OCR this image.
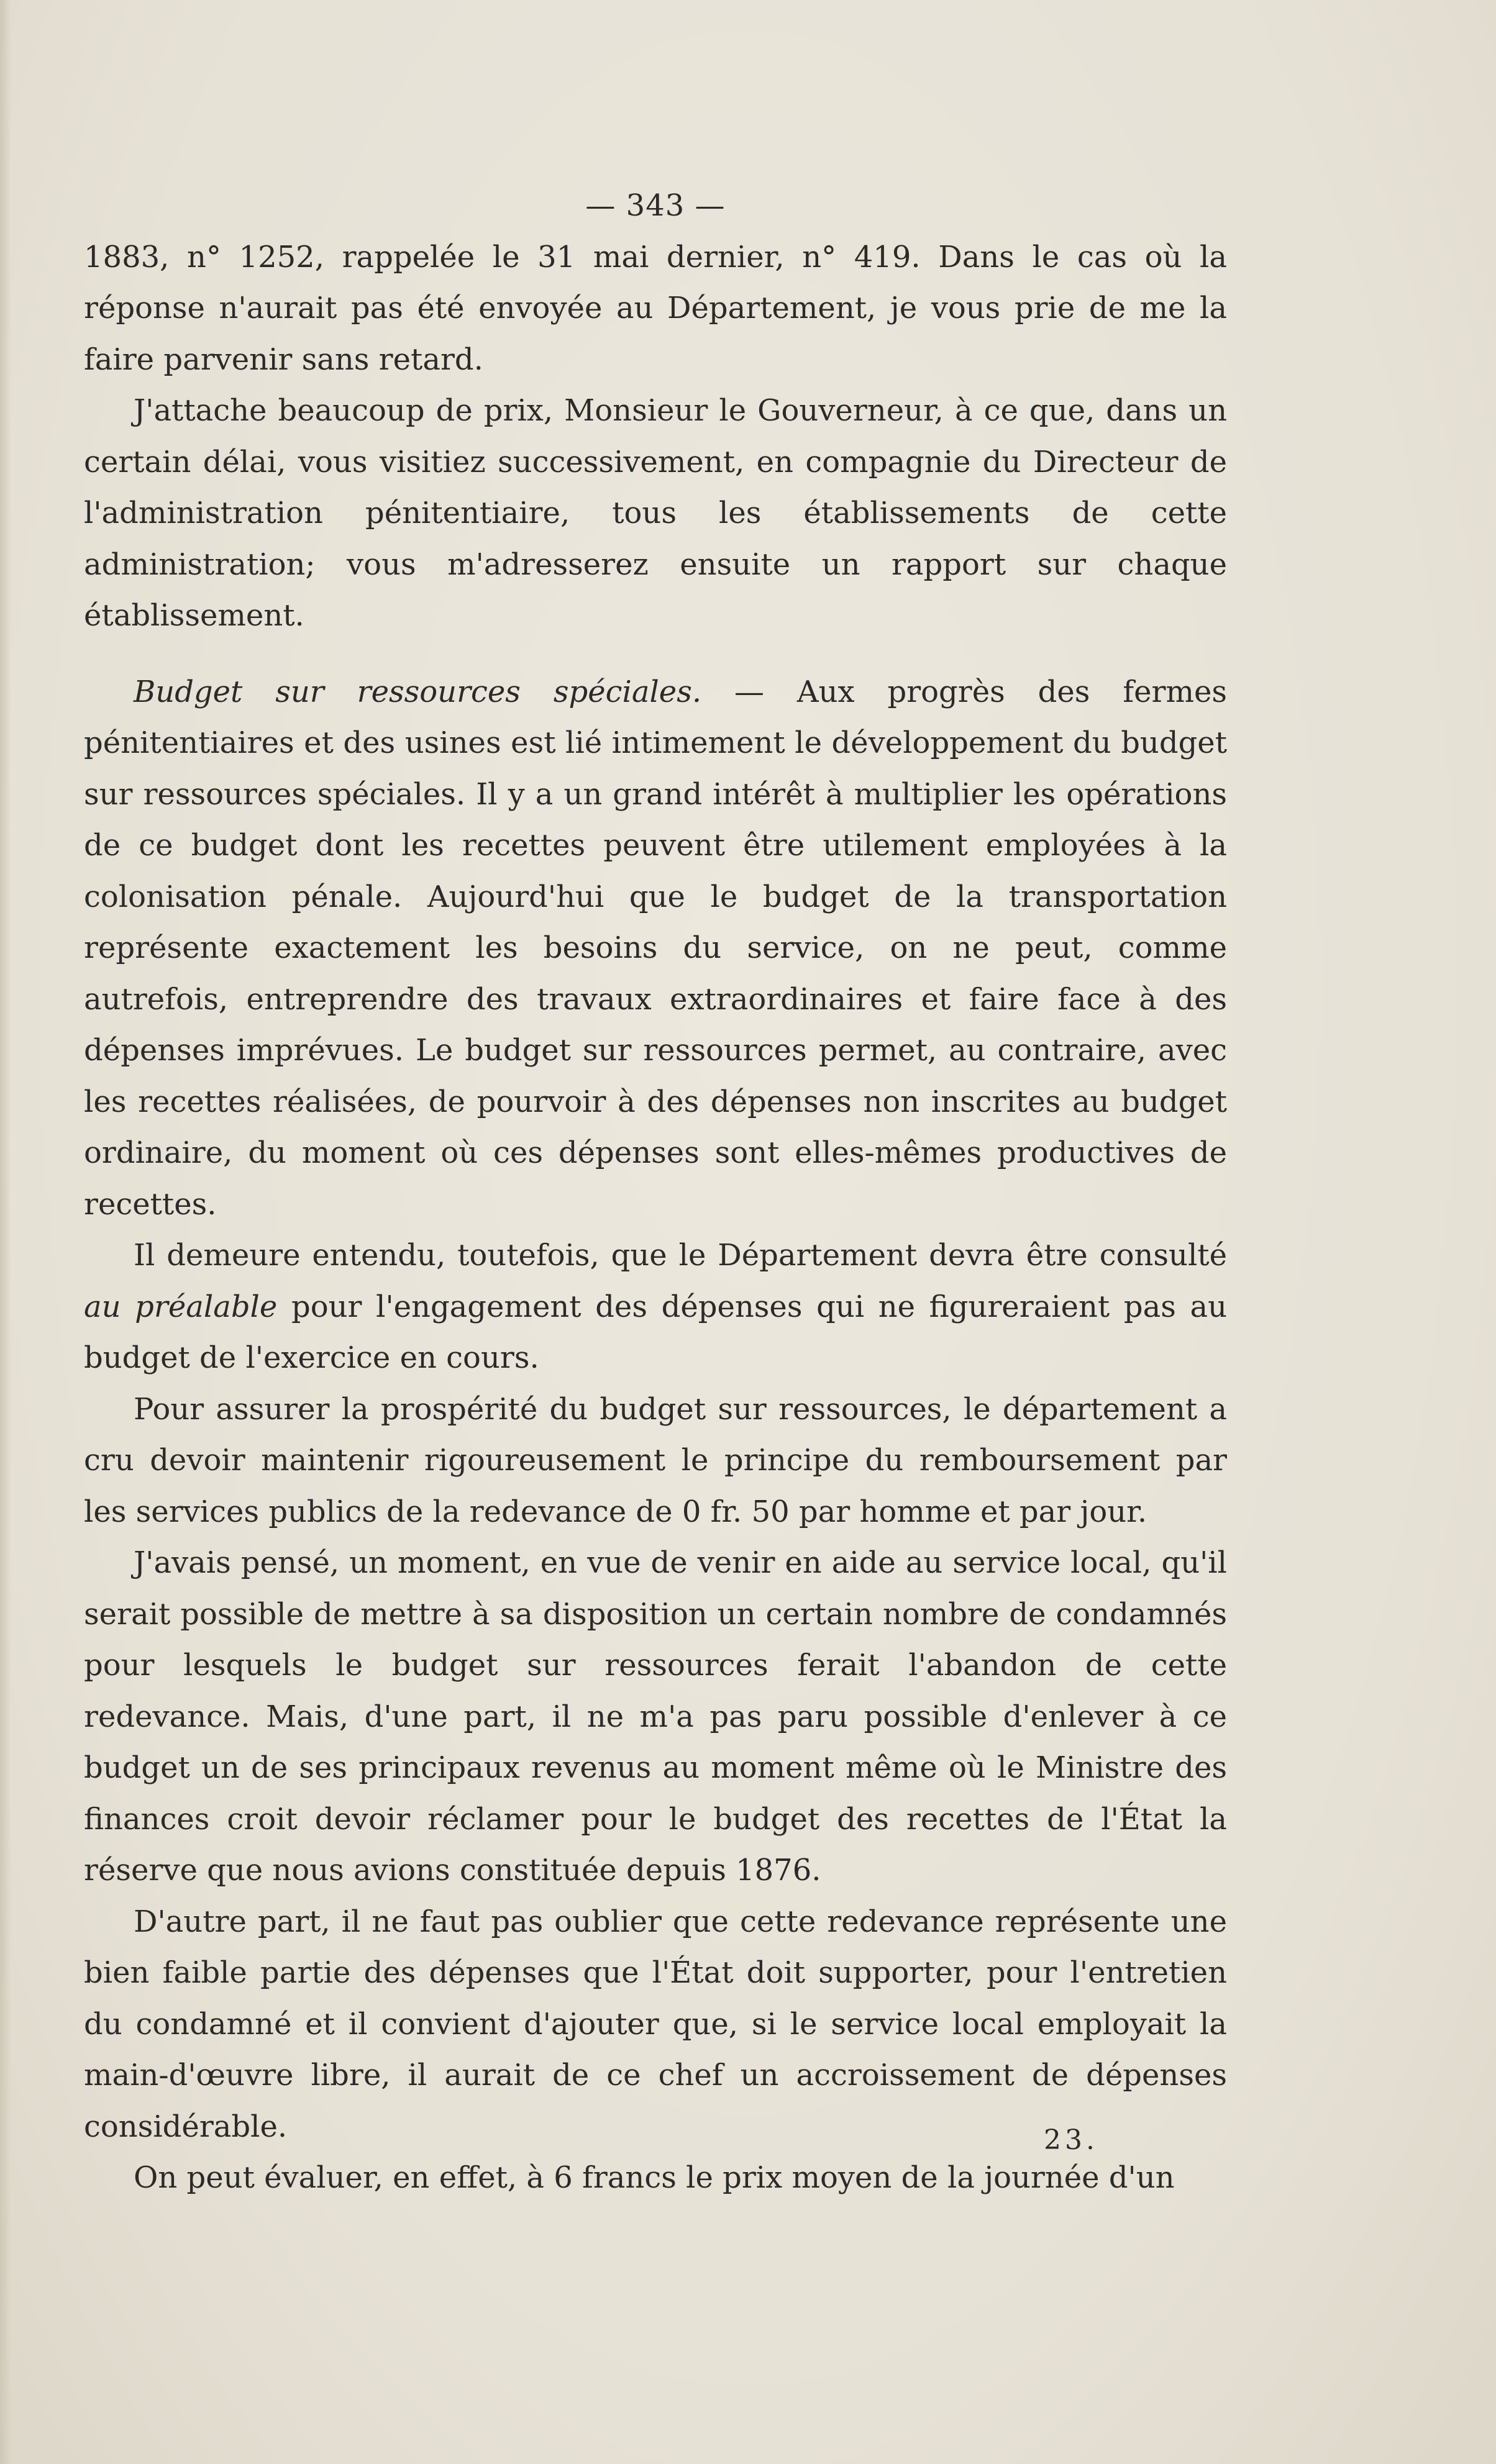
— 343 —

1883, n° 1252, rappelée le 31 mai dernier, n° 419. Dans le cas où la réponse n'aurait pas été envoyée au Département, je vous prie de me la faire parvenir sans retard.

J'attache beaucoup de prix, Monsieur le Gouverneur, à ce que, dans un certain délai, vous visitiez successivement, en compagnie du Directeur de l'administration pénitentiaire, tous les établissements de cette administration; vous m'adresserez ensuite un rapport sur chaque établissement.

Budget sur ressources spéciales. — Aux progrès des fermes pénitentiaires et des usines est lié intimement le développement du budget sur ressources spéciales. Il y a un grand intérêt à multiplier les opérations de ce budget dont les recettes peuvent être utilement employées à la colonisation pénale. Aujourd'hui que le budget de la transportation représente exactement les besoins du service, on ne peut, comme autrefois, entreprendre des travaux extraordinaires et faire face à des dépenses imprévues. Le budget sur ressources permet, au contraire, avec les recettes réalisées, de pourvoir à des dépenses non inscrites au budget ordinaire, du moment où ces dépenses sont elles-mêmes productives de recettes.

Il demeure entendu, toutefois, que le Département devra être consulté au préalable pour l'engagement des dépenses qui ne figureraient pas au budget de l'exercice en cours.

Pour assurer la prospérité du budget sur ressources, le département a cru devoir maintenir rigoureusement le principe du remboursement par les services publics de la redevance de 0 fr. 50 par homme et par jour.

J'avais pensé, un moment, en vue de venir en aide au service local, qu'il serait possible de mettre à sa disposition un certain nombre de condamnés pour lesquels le budget sur ressources ferait l'abandon de cette redevance. Mais, d'une part, il ne m'a pas paru possible d'enlever à ce budget un de ses principaux revenus au moment même où le Ministre des finances croit devoir réclamer pour le budget des recettes de l'État la réserve que nous avions constituée depuis 1876.

D'autre part, il ne faut pas oublier que cette redevance représente une bien faible partie des dépenses que l'État doit supporter, pour l'entretien du condamné et il convient d'ajouter que, si le service local employait la main-d'œuvre libre, il aurait de ce chef un accroissement de dépenses considérable.

On peut évaluer, en effet, à 6 francs le prix moyen de la journée d'un

23.
